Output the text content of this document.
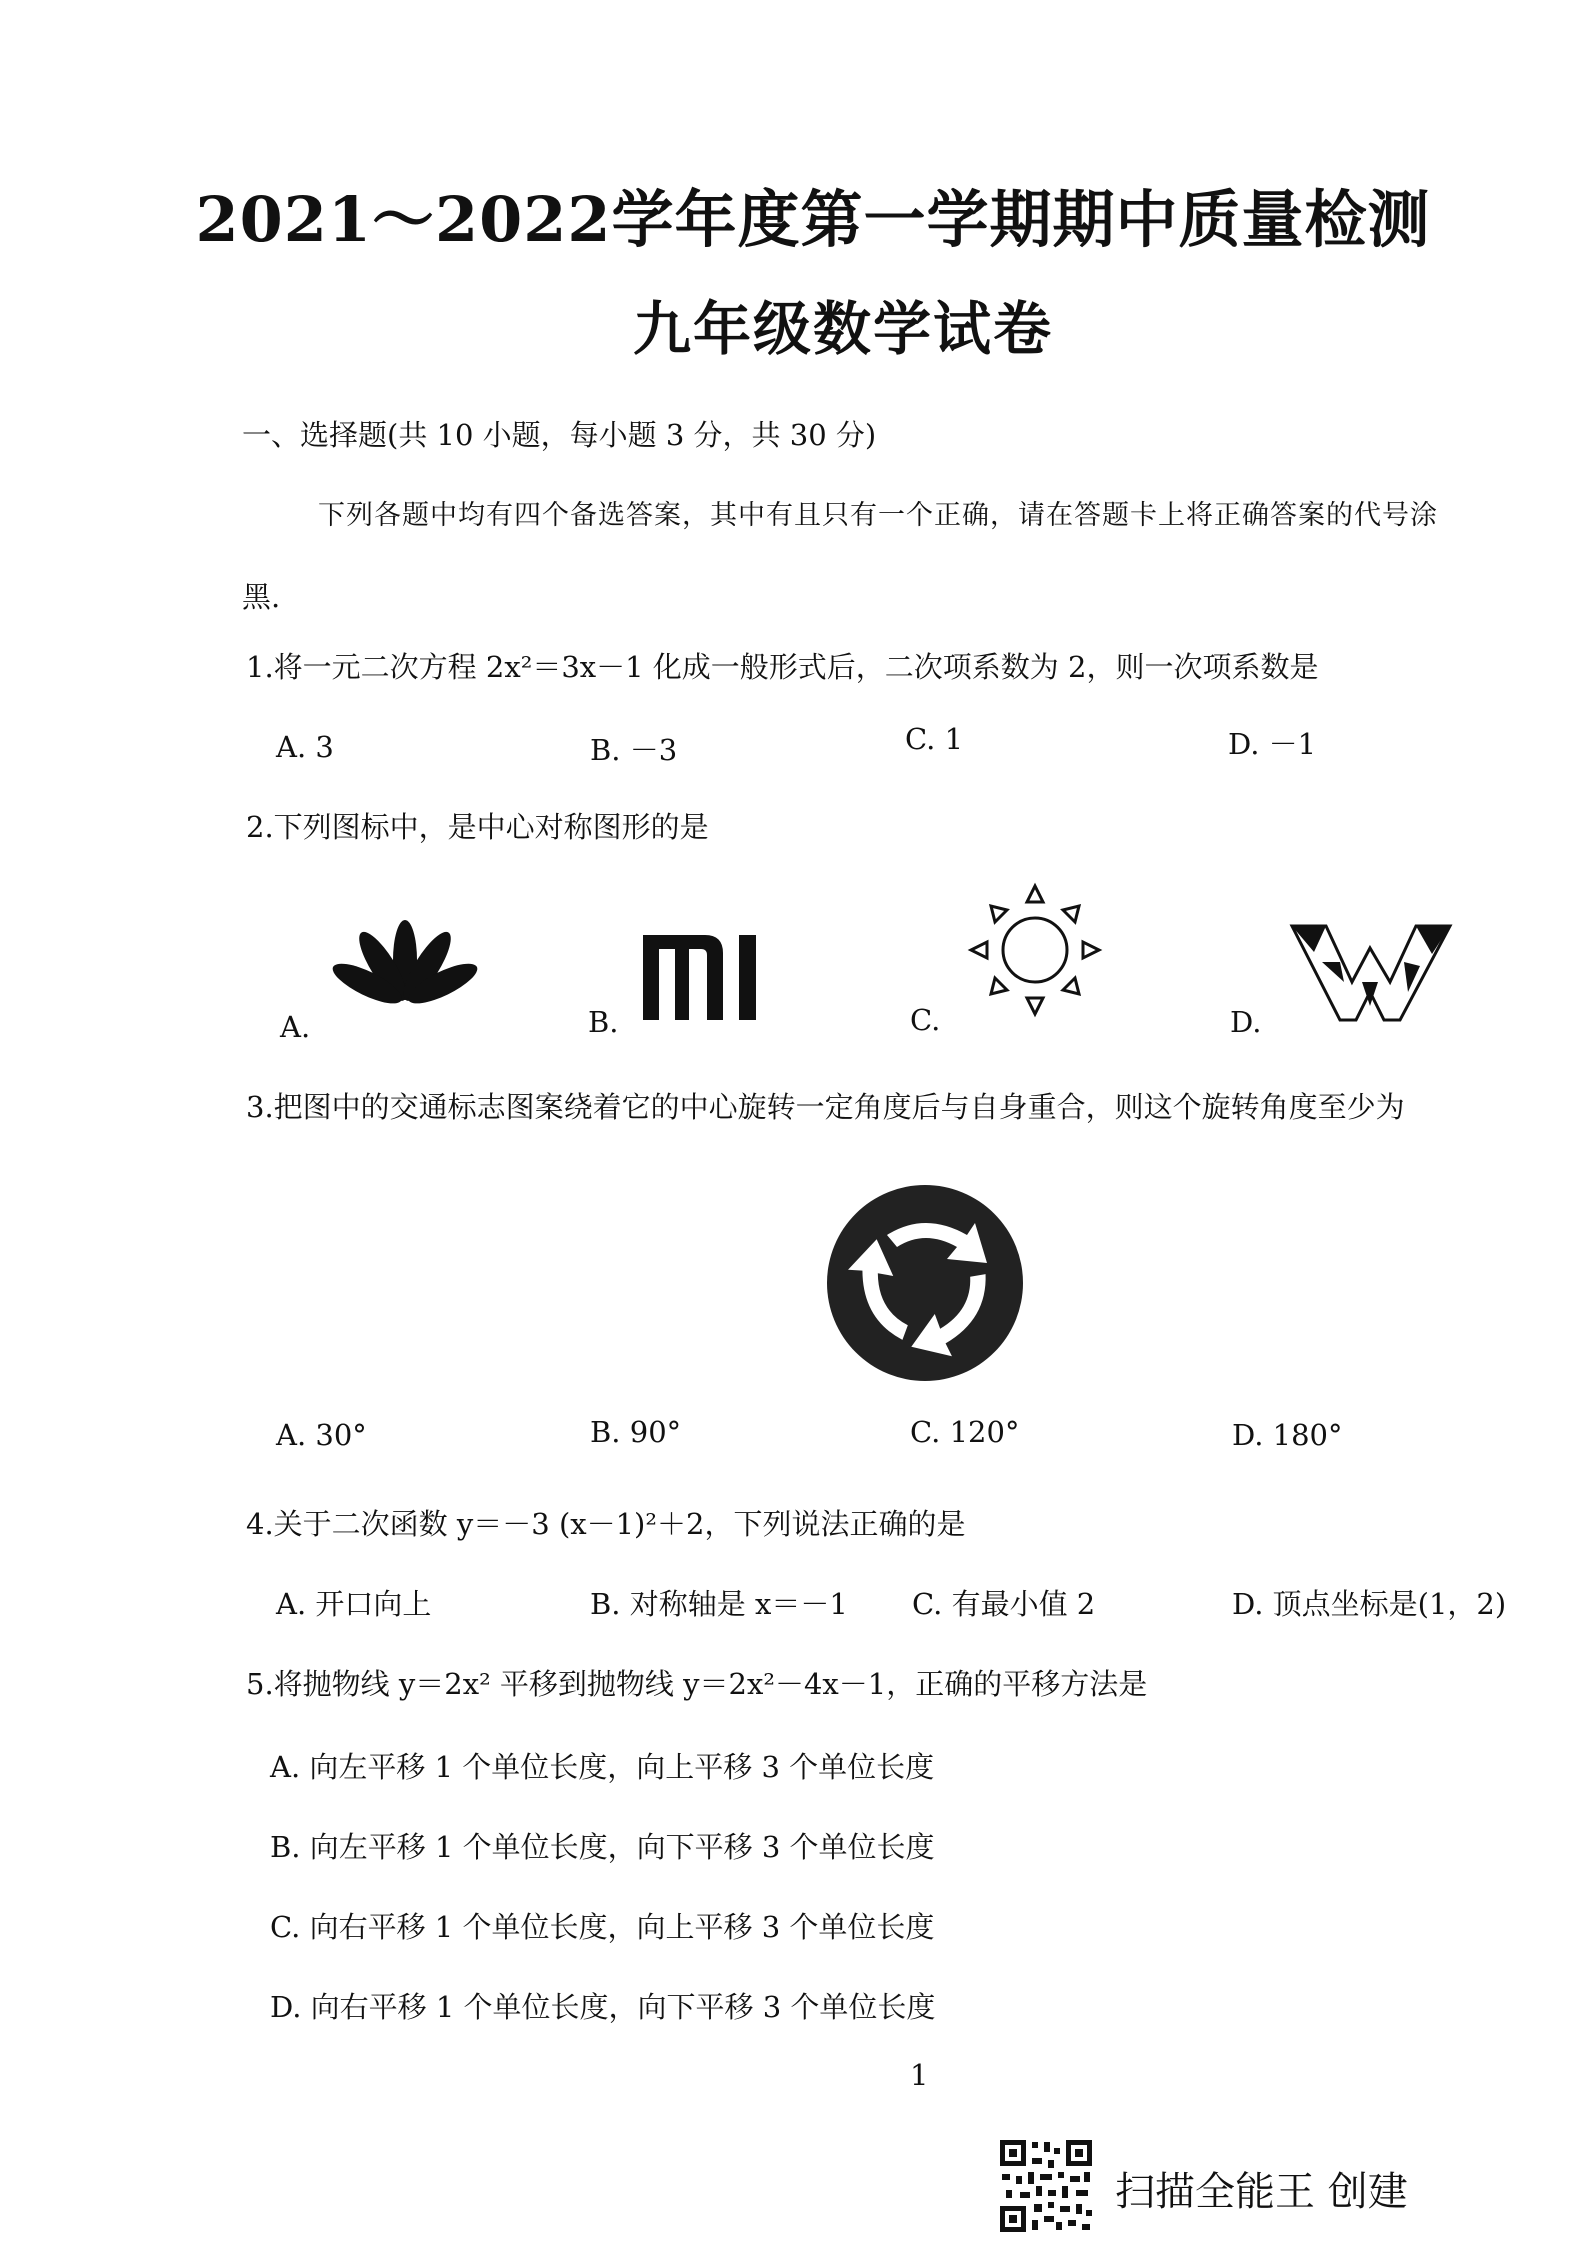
2021～2022学年度第一学期期中质量检测
九年级数学试卷
一、选择题(共 10 小题，每小题 3 分，共 30 分)
下列各题中均有四个备选答案，其中有且只有一个正确，请在答题卡上将正确答案的代号涂
黑.
1.将一元二次方程 2x²＝3x－1 化成一般形式后，二次项系数为 2，则一次项系数是
A. 3	B. －3	C. 1	D. －1
2.下列图标中，是中心对称图形的是
A.	B.	C.	D.
3.把图中的交通标志图案绕着它的中心旋转一定角度后与自身重合，则这个旋转角度至少为
A. 30°	B. 90°	C. 120°	D. 180°
4.关于二次函数 y＝－3 (x－1)²＋2，下列说法正确的是
A. 开口向上	B. 对称轴是 x＝－1 C. 有最小值 2	D. 顶点坐标是(1，2)
5.将抛物线 y＝2x² 平移到抛物线 y＝2x²－4x－1，正确的平移方法是
A. 向左平移 1 个单位长度，向上平移 3 个单位长度
B. 向左平移 1 个单位长度，向下平移 3 个单位长度
C. 向右平移 1 个单位长度，向上平移 3 个单位长度
D. 向右平移 1 个单位长度，向下平移 3 个单位长度
1
扫描全能王 创建
